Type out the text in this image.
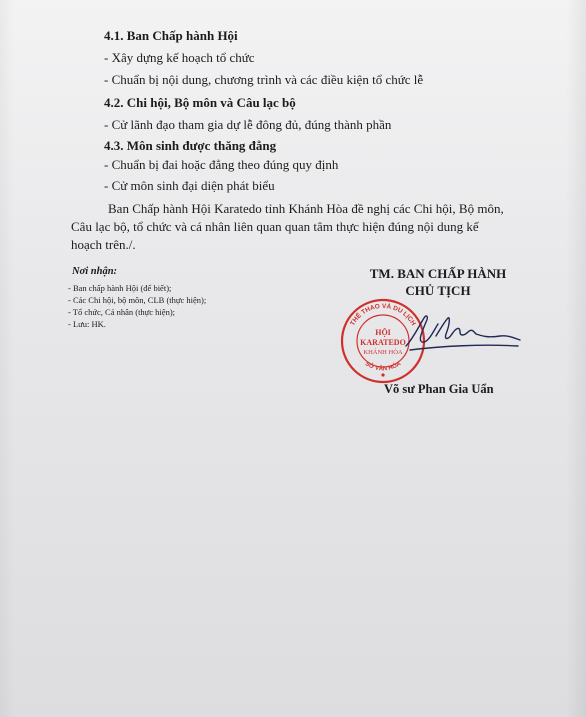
4.1. Ban Chấp hành Hội
- Xây dựng kế hoạch tổ chức
- Chuẩn bị nội dung, chương trình và các điều kiện tổ chức lễ
4.2. Chi hội, Bộ môn và Câu lạc bộ
- Cử lãnh đạo tham gia dự lễ đông đủ, đúng thành phần
4.3. Môn sinh được thăng đẳng
- Chuẩn bị đai hoặc đẳng theo đúng quy định
- Cử môn sinh đại diện phát biểu
Ban Chấp hành Hội Karatedo tỉnh Khánh Hòa đề nghị các Chi hội, Bộ môn,
Câu lạc bộ, tổ chức và cá nhân liên quan quan tâm thực hiện đúng nội dung kế
hoạch trên./.
Nơi nhận:
- Ban chấp hành Hội (để biết);
- Các Chi hội, bộ môn, CLB (thực hiện);
- Tổ chức, Cá nhân (thực hiện);
- Lưu: HK.
TM. BAN CHẤP HÀNH
CHỦ TỊCH
THỂ THAO VÀ DU LỊCH
SỞ VĂN HÓA
HỘI
KARATEDO
KHÁNH HÒA
Võ sư Phan Gia Uẩn
